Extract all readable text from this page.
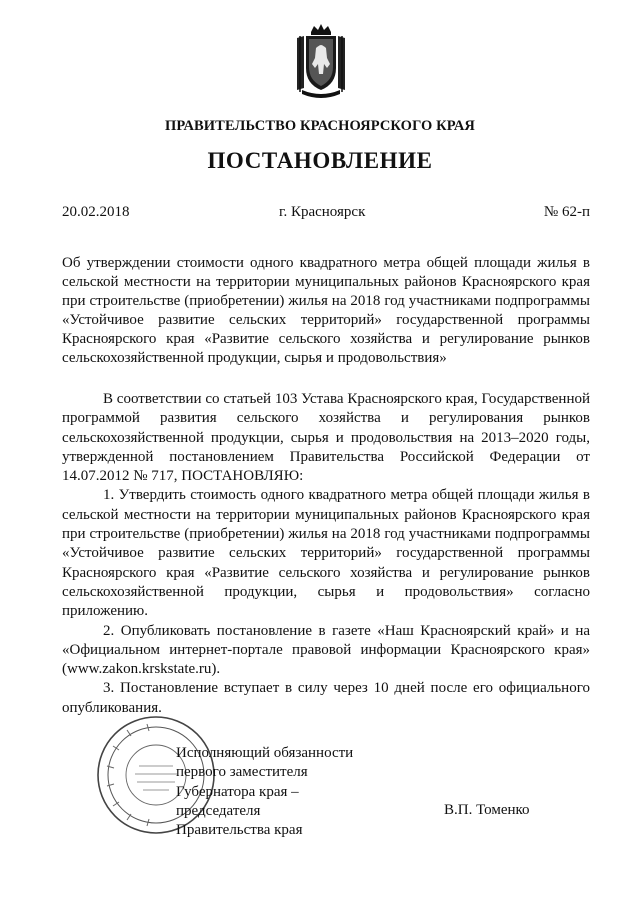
ПРАВИТЕЛЬСТВО КРАСНОЯРСКОГО КРАЯ
ПОСТАНОВЛЕНИЕ
20.02.2018	г. Красноярск	№ 62-п
Об утверждении стоимости одного квадратного метра общей площади жилья в сельской местности на территории муниципальных районов Красноярского края при строительстве (приобретении) жилья на 2018 год участниками подпрограммы «Устойчивое развитие сельских территорий» государственной программы Красноярского края «Развитие сельского хозяйства и регулирование рынков сельскохозяйственной продукции, сырья и продовольствия»

В соответствии со статьей 103 Устава Красноярского края, Государственной программой развития сельского хозяйства и регулирования рынков сельскохозяйственной продукции, сырья и продовольствия на 2013–2020 годы, утвержденной постановлением Правительства Российской Федерации от 14.07.2012 № 717, ПОСТАНОВЛЯЮ:

1. Утвердить стоимость одного квадратного метра общей площади жилья в сельской местности на территории муниципальных районов Красноярского края при строительстве (приобретении) жилья на 2018 год участниками подпрограммы «Устойчивое развитие сельских территорий» государственной программы Красноярского края «Развитие сельского хозяйства и регулирование рынков сельскохозяйственной продукции, сырья и продовольствия» согласно приложению.

2. Опубликовать постановление в газете «Наш Красноярский край» и на «Официальном интернет-портале правовой информации Красноярского края» (www.zakon.krskstate.ru).

3. Постановление вступает в силу через 10 дней после его официального опубликования.

Исполняющий обязанности
первого заместителя
Губернатора края –
председателя
Правительства края
В.П. Томенко
